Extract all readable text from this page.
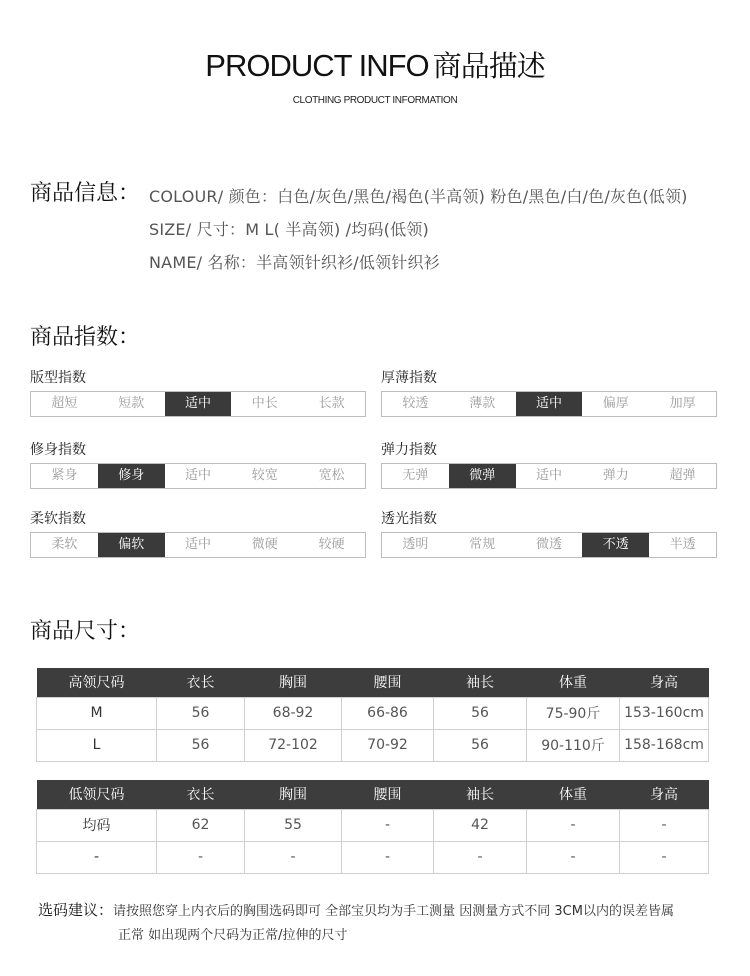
PRODUCT INFO 商品描述
CLOTHING PRODUCT INFORMATION
商品信息： COLOUR/ 颜色：白色/灰色/黑色/褐色(半高领) 粉色/黑色/白/色/灰色(低领)
SIZE/ 尺寸：M L( 半高领) /均码(低领)
NAME/ 名称：半高领针织衫/低领针织衫
商品指数：
版型指数
超短	短款	适中	中长	长款
厚薄指数
较透	薄款	适中	偏厚	加厚
修身指数
紧身	修身	适中	较宽	宽松
弹力指数
无弹	微弹	适中	弹力	超弹
柔软指数
柔软	偏软	适中	微硬	较硬
透光指数
透明	常规	微透	不透	半透
商品尺寸：
高领尺码	衣长	胸围	腰围	袖长	体重	身高
M	56	68-92	66-86	56	75-90斤	153-160cm
L	56	72-102	70-92	56	90-110斤	158-168cm
低领尺码	衣长	胸围	腰围	袖长	体重	身高
均码	62	55	-	42	-	-
-	-	-	-	-	-	-
选码建议：请按照您穿上内衣后的胸围选码即可 全部宝贝均为手工测量 因测量方式不同 3CM以内的误差皆属
正常 如出现两个尺码为正常/拉伸的尺寸
